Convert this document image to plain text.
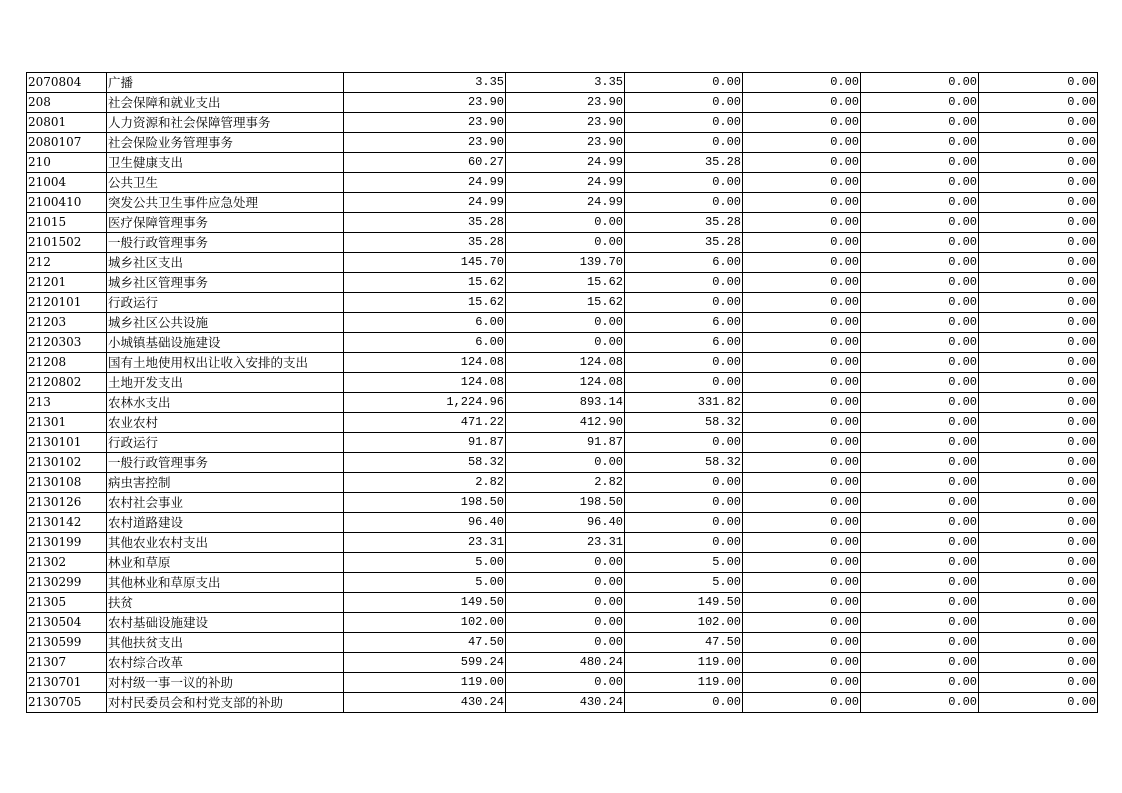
2070804	广播	3.35	3.35	0.00	0.00	0.00	0.00
208	社会保障和就业支出	23.90	23.90	0.00	0.00	0.00	0.00
20801	人力资源和社会保障管理事务	23.90	23.90	0.00	0.00	0.00	0.00
2080107	社会保险业务管理事务	23.90	23.90	0.00	0.00	0.00	0.00
210	卫生健康支出	60.27	24.99	35.28	0.00	0.00	0.00
21004	公共卫生	24.99	24.99	0.00	0.00	0.00	0.00
2100410	突发公共卫生事件应急处理	24.99	24.99	0.00	0.00	0.00	0.00
21015	医疗保障管理事务	35.28	0.00	35.28	0.00	0.00	0.00
2101502	一般行政管理事务	35.28	0.00	35.28	0.00	0.00	0.00
212	城乡社区支出	145.70	139.70	6.00	0.00	0.00	0.00
21201	城乡社区管理事务	15.62	15.62	0.00	0.00	0.00	0.00
2120101	行政运行	15.62	15.62	0.00	0.00	0.00	0.00
21203	城乡社区公共设施	6.00	0.00	6.00	0.00	0.00	0.00
2120303	小城镇基础设施建设	6.00	0.00	6.00	0.00	0.00	0.00
21208	国有土地使用权出让收入安排的支出	124.08	124.08	0.00	0.00	0.00	0.00
2120802	土地开发支出	124.08	124.08	0.00	0.00	0.00	0.00
213	农林水支出	1,224.96	893.14	331.82	0.00	0.00	0.00
21301	农业农村	471.22	412.90	58.32	0.00	0.00	0.00
2130101	行政运行	91.87	91.87	0.00	0.00	0.00	0.00
2130102	一般行政管理事务	58.32	0.00	58.32	0.00	0.00	0.00
2130108	病虫害控制	2.82	2.82	0.00	0.00	0.00	0.00
2130126	农村社会事业	198.50	198.50	0.00	0.00	0.00	0.00
2130142	农村道路建设	96.40	96.40	0.00	0.00	0.00	0.00
2130199	其他农业农村支出	23.31	23.31	0.00	0.00	0.00	0.00
21302	林业和草原	5.00	0.00	5.00	0.00	0.00	0.00
2130299	其他林业和草原支出	5.00	0.00	5.00	0.00	0.00	0.00
21305	扶贫	149.50	0.00	149.50	0.00	0.00	0.00
2130504	农村基础设施建设	102.00	0.00	102.00	0.00	0.00	0.00
2130599	其他扶贫支出	47.50	0.00	47.50	0.00	0.00	0.00
21307	农村综合改革	599.24	480.24	119.00	0.00	0.00	0.00
2130701	对村级一事一议的补助	119.00	0.00	119.00	0.00	0.00	0.00
2130705	对村民委员会和村党支部的补助	430.24	430.24	0.00	0.00	0.00	0.00
